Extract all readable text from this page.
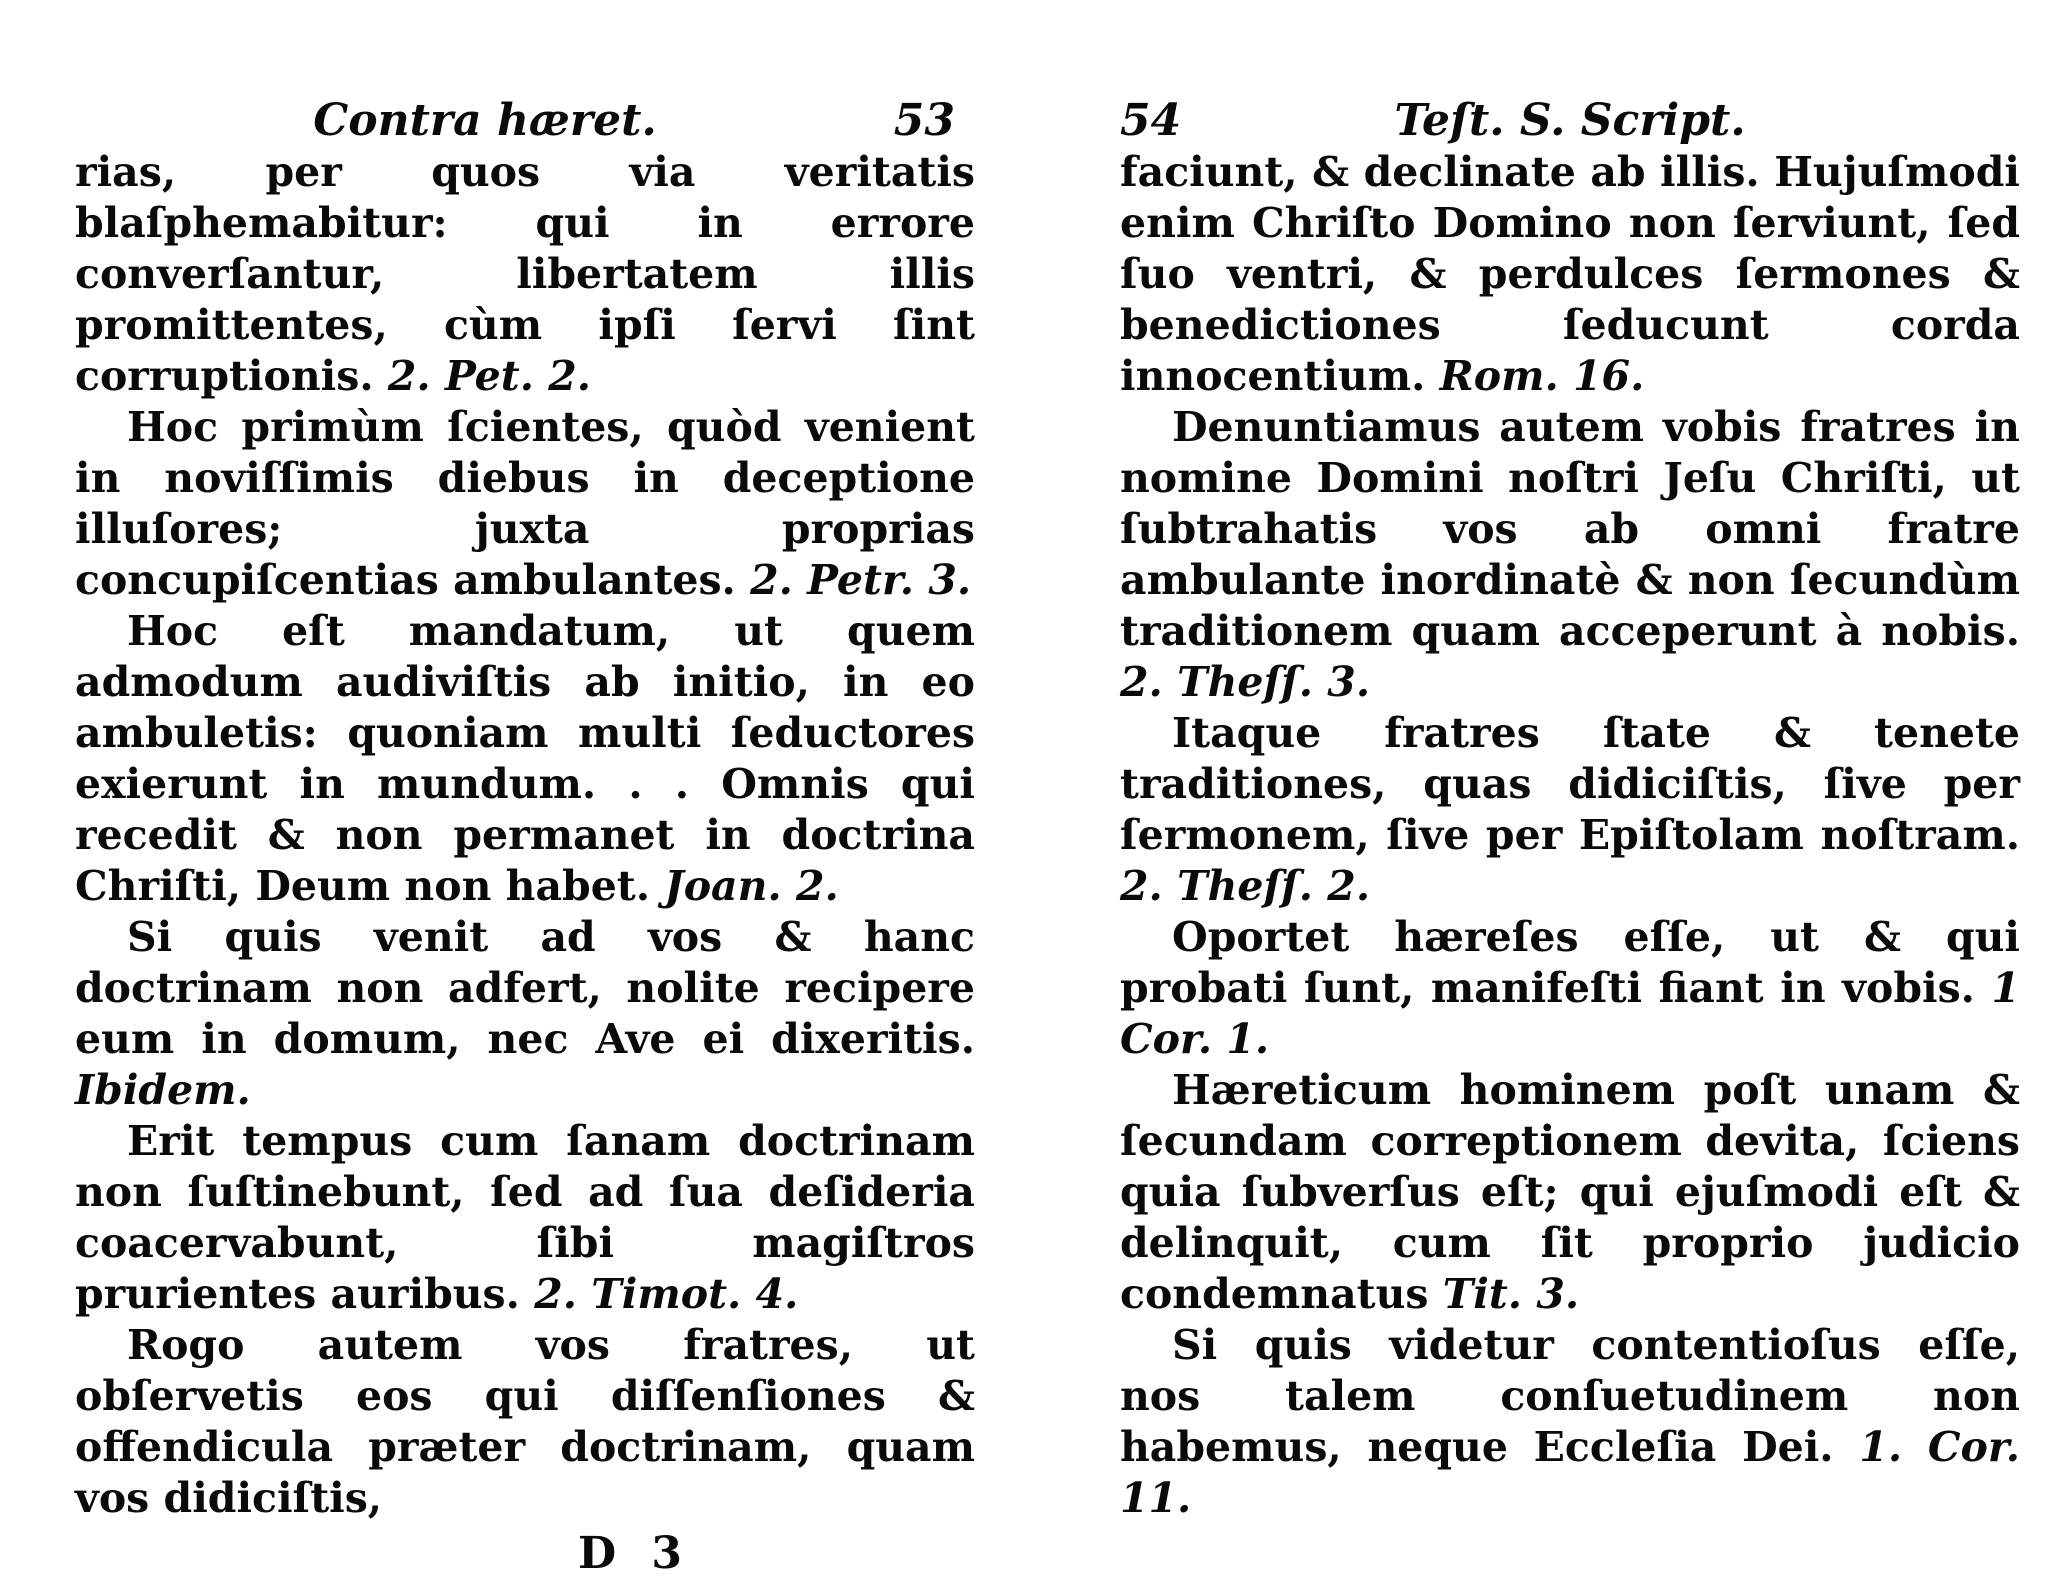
Contra hæret.	53

rias, per quos via veritatis blaſphemabitur: qui in errore converſantur, libertatem illis promittentes, cùm ipſi ſervi ſint corruptionis. 2. Pet. 2.

Hoc primùm ſcientes, quòd venient in noviſſimis diebus in deceptione illuſores; juxta proprias concupiſcentias ambulantes. 2. Petr. 3.

Hoc eſt mandatum, ut quem admodum audiviſtis ab initio, in eo ambuletis: quoniam multi ſeductores exierunt in mundum. . . Omnis qui recedit & non permanet in doctrina Chriſti, Deum non habet. Joan. 2.

Si quis venit ad vos & hanc doctrinam non adfert, nolite recipere eum in domum, nec Ave ei dixeritis. Ibidem.

Erit tempus cum ſanam doctrinam non ſuſtinebunt, ſed ad ſua deſideria coacervabunt, ſibi magiſtros prurientes auribus. 2. Timot. 4.

Rogo autem vos fratres, ut obſervetis eos qui diſſenſiones & offendicula præter doctrinam, quam vos didiciſtis,

D 3
54	Teſt. S. Script.

faciunt, & declinate ab illis. Hujuſmodi enim Chriſto Domino non ſerviunt, ſed ſuo ventri, & perdulces ſermones & benedictiones ſeducunt corda innocentium. Rom. 16.

Denuntiamus autem vobis fratres in nomine Domini noſtri Jeſu Chriſti, ut ſubtrahatis vos ab omni fratre ambulante inordinatè & non ſecundùm traditionem quam acceperunt à nobis. 2. Theſſ. 3.

Itaque fratres ſtate & tenete traditiones, quas didiciſtis, ſive per ſermonem, ſive per Epiſtolam noſtram. 2. Theſſ. 2.

Oportet hæreſes eſſe, ut & qui probati ſunt, manifeſti fiant in vobis. 1 Cor. 1.

Hæreticum hominem poſt unam & ſecundam correptionem devita, ſciens quia ſubverſus eſt; qui ejuſmodi eſt & delinquit, cum ſit proprio judicio condemnatus Tit. 3.

Si quis videtur contentioſus eſſe, nos talem conſuetudinem non habemus, neque Eccleſia Dei. 1. Cor. 11.
